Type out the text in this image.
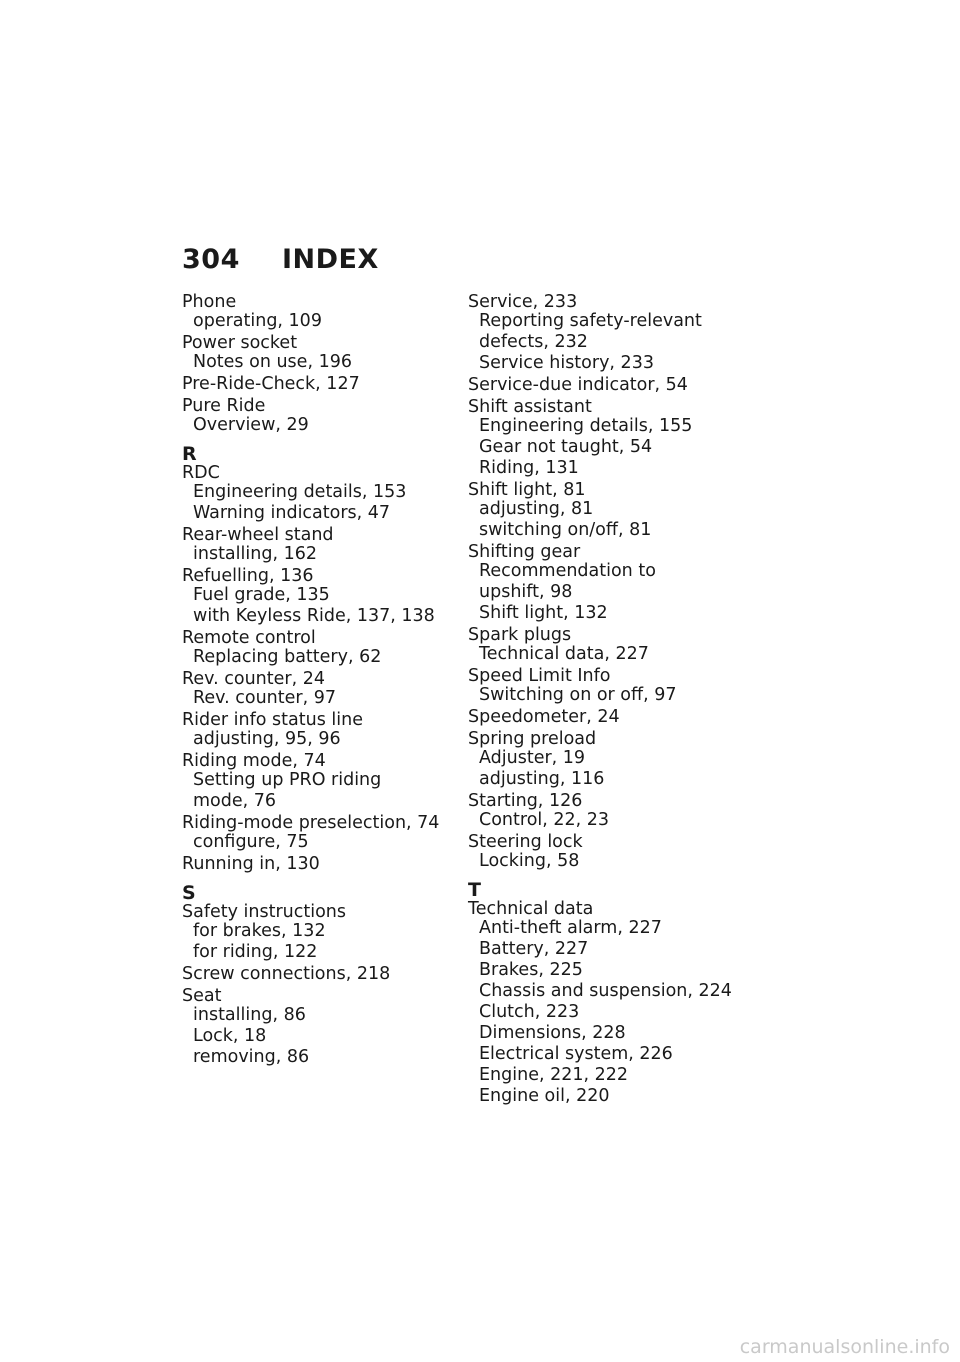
304 INDEX
Phone
operating, 109
Power socket
Notes on use, 196
Pre-Ride-Check, 127
Pure Ride
Overview, 29
R
RDC
Engineering details, 153
Warning indicators, 47
Rear-wheel stand
installing, 162
Refuelling, 136
Fuel grade, 135
with Keyless Ride, 137, 138
Remote control
Replacing battery, 62
Rev. counter, 24
Rev. counter, 97
Rider info status line
adjusting, 95, 96
Riding mode, 74
Setting up PRO riding
mode, 76
Riding-mode preselection, 74
configure, 75
Running in, 130
S
Safety instructions
for brakes, 132
for riding, 122
Screw connections, 218
Seat
installing, 86
Lock, 18
removing, 86
Service, 233
Reporting safety-relevant
defects, 232
Service history, 233
Service-due indicator, 54
Shift assistant
Engineering details, 155
Gear not taught, 54
Riding, 131
Shift light, 81
adjusting, 81
switching on/off, 81
Shifting gear
Recommendation to
upshift, 98
Shift light, 132
Spark plugs
Technical data, 227
Speed Limit Info
Switching on or off, 97
Speedometer, 24
Spring preload
Adjuster, 19
adjusting, 116
Starting, 126
Control, 22, 23
Steering lock
Locking, 58
T
Technical data
Anti-theft alarm, 227
Battery, 227
Brakes, 225
Chassis and suspension, 224
Clutch, 223
Dimensions, 228
Electrical system, 226
Engine, 221, 222
Engine oil, 220
carmanualsonline.info
